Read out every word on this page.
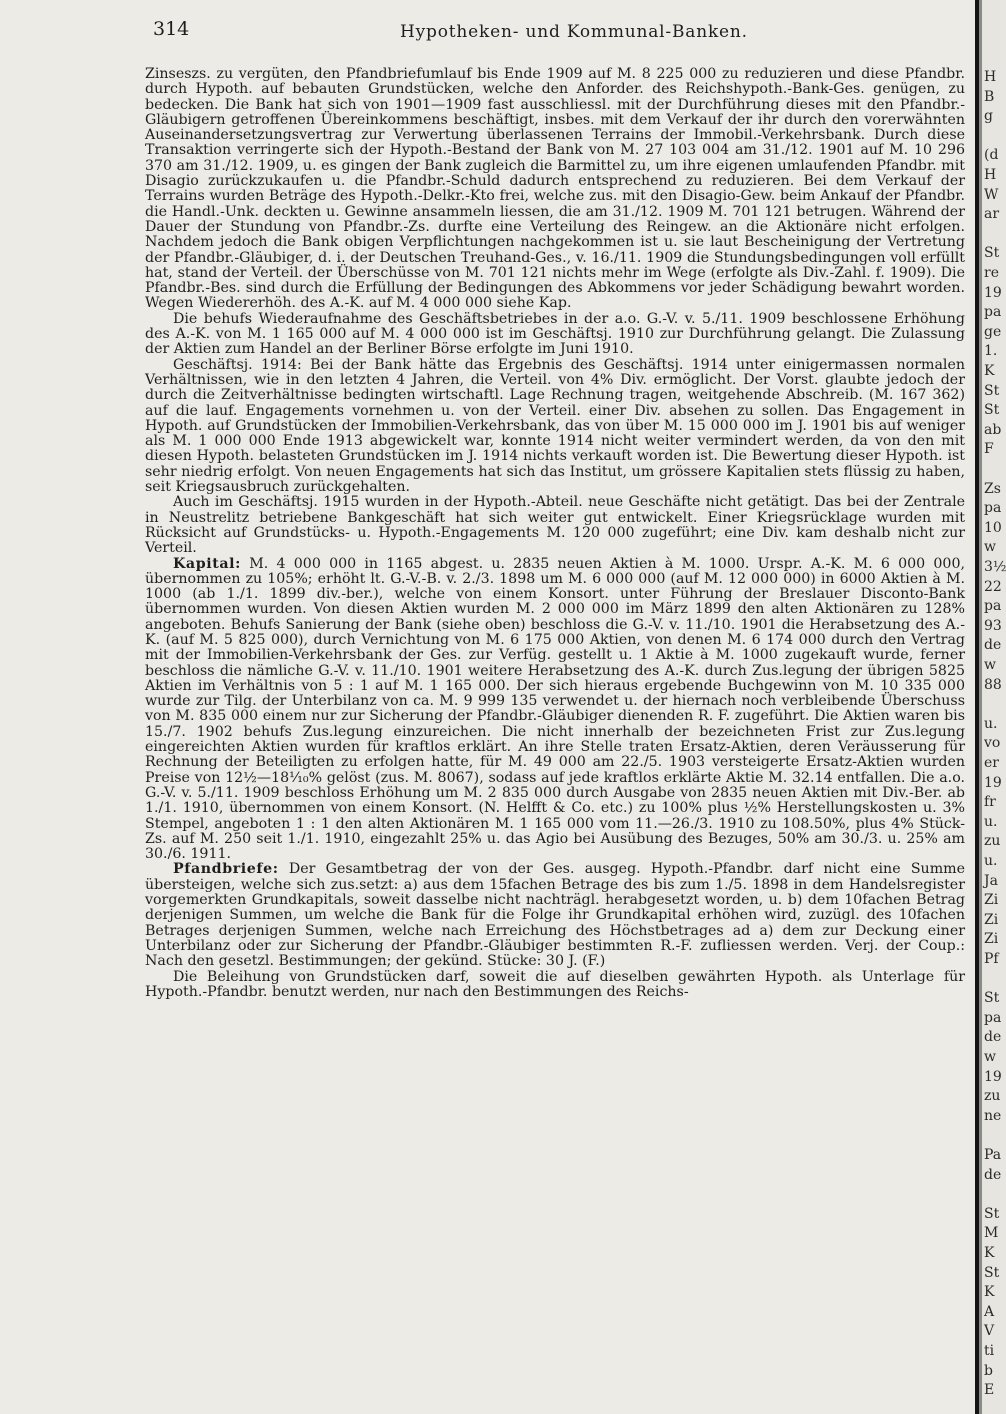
314	Hypotheken- und Kommunal-Banken.

Zinseszs. zu vergüten, den Pfandbriefumlauf bis Ende 1909 auf M. 8 225 000 zu reduzieren und diese Pfandbr. durch Hypoth. auf bebauten Grundstücken, welche den Anforder. des Reichshypoth.-Bank-Ges. genügen, zu bedecken. Die Bank hat sich von 1901—1909 fast ausschliessl. mit der Durchführung dieses mit den Pfandbr.-Gläubigern getroffenen Übereinkommens beschäftigt, insbes. mit dem Verkauf der ihr durch den vorerwähnten Auseinandersetzungsvertrag zur Verwertung überlassenen Terrains der Immobil.-Verkehrsbank. Durch diese Transaktion verringerte sich der Hypoth.-Bestand der Bank von M. 27 103 004 am 31./12. 1901 auf M. 10 296 370 am 31./12. 1909, u. es gingen der Bank zugleich die Barmittel zu, um ihre eigenen umlaufenden Pfandbr. mit Disagio zurückzukaufen u. die Pfandbr.-Schuld dadurch entsprechend zu reduzieren. Bei dem Verkauf der Terrains wurden Beträge des Hypoth.-Delkr.-Kto frei, welche zus. mit den Disagio-Gew. beim Ankauf der Pfandbr. die Handl.-Unk. deckten u. Gewinne ansammeln liessen, die am 31./12. 1909 M. 701 121 betrugen. Während der Dauer der Stundung von Pfandbr.-Zs. durfte eine Verteilung des Reingew. an die Aktionäre nicht erfolgen. Nachdem jedoch die Bank obigen Verpflichtungen nachgekommen ist u. sie laut Bescheinigung der Vertretung der Pfandbr.-Gläubiger, d. i. der Deutschen Treuhand-Ges., v. 16./11. 1909 die Stundungsbedingungen voll erfüllt hat, stand der Verteil. der Überschüsse von M. 701 121 nichts mehr im Wege (erfolgte als Div.-Zahl. f. 1909). Die Pfandbr.-Bes. sind durch die Erfüllung der Bedingungen des Abkommens vor jeder Schädigung bewahrt worden. Wegen Wiedererhöh. des A.-K. auf M. 4 000 000 siehe Kap.

Die behufs Wiederaufnahme des Geschäftsbetriebes in der a.o. G.-V. v. 5./11. 1909 beschlossene Erhöhung des A.-K. von M. 1 165 000 auf M. 4 000 000 ist im Geschäftsj. 1910 zur Durchführung gelangt. Die Zulassung der Aktien zum Handel an der Berliner Börse erfolgte im Juni 1910.

Geschäftsj. 1914: Bei der Bank hätte das Ergebnis des Geschäftsj. 1914 unter einigermassen normalen Verhältnissen, wie in den letzten 4 Jahren, die Verteil. von 4% Div. ermöglicht. Der Vorst. glaubte jedoch der durch die Zeitverhältnisse bedingten wirtschaftl. Lage Rechnung tragen, weitgehende Abschreib. (M. 167 362) auf die lauf. Engagements vornehmen u. von der Verteil. einer Div. absehen zu sollen. Das Engagement in Hypoth. auf Grundstücken der Immobilien-Verkehrsbank, das von über M. 15 000 000 im J. 1901 bis auf weniger als M. 1 000 000 Ende 1913 abgewickelt war, konnte 1914 nicht weiter vermindert werden, da von den mit diesen Hypoth. belasteten Grundstücken im J. 1914 nichts verkauft worden ist. Die Bewertung dieser Hypoth. ist sehr niedrig erfolgt. Von neuen Engagements hat sich das Institut, um grössere Kapitalien stets flüssig zu haben, seit Kriegsausbruch zurückgehalten.

Auch im Geschäftsj. 1915 wurden in der Hypoth.-Abteil. neue Geschäfte nicht getätigt. Das bei der Zentrale in Neustrelitz betriebene Bankgeschäft hat sich weiter gut entwickelt. Einer Kriegsrücklage wurden mit Rücksicht auf Grundstücks- u. Hypoth.-Engagements M. 120 000 zugeführt; eine Div. kam deshalb nicht zur Verteil.

Kapital: M. 4 000 000 in 1165 abgest. u. 2835 neuen Aktien à M. 1000. Urspr. A.-K. M. 6 000 000, übernommen zu 105%; erhöht lt. G.-V.-B. v. 2./3. 1898 um M. 6 000 000 (auf M. 12 000 000) in 6000 Aktien à M. 1000 (ab 1./1. 1899 div.-ber.), welche von einem Konsort. unter Führung der Breslauer Disconto-Bank übernommen wurden. Von diesen Aktien wurden M. 2 000 000 im März 1899 den alten Aktionären zu 128% angeboten. Behufs Sanierung der Bank (siehe oben) beschloss die G.-V. v. 11./10. 1901 die Herabsetzung des A.-K. (auf M. 5 825 000), durch Vernichtung von M. 6 175 000 Aktien, von denen M. 6 174 000 durch den Vertrag mit der Immobilien-Verkehrsbank der Ges. zur Verfüg. gestellt u. 1 Aktie à M. 1000 zugekauft wurde, ferner beschloss die nämliche G.-V. v. 11./10. 1901 weitere Herabsetzung des A.-K. durch Zus.legung der übrigen 5825 Aktien im Verhältnis von 5 : 1 auf M. 1 165 000. Der sich hieraus ergebende Buchgewinn von M. 10 335 000 wurde zur Tilg. der Unterbilanz von ca. M. 9 999 135 verwendet u. der hiernach noch verbleibende Überschuss von M. 835 000 einem nur zur Sicherung der Pfandbr.-Gläubiger dienenden R. F. zugeführt. Die Aktien waren bis 15./7. 1902 behufs Zus.legung einzureichen. Die nicht innerhalb der bezeichneten Frist zur Zus.legung eingereichten Aktien wurden für kraftlos erklärt. An ihre Stelle traten Ersatz-Aktien, deren Veräusserung für Rechnung der Beteiligten zu erfolgen hatte, für M. 49 000 am 22./5. 1903 versteigerte Ersatz-Aktien wurden Preise von 12½—18⅟₁₀% gelöst (zus. M. 8067), sodass auf jede kraftlos erklärte Aktie M. 32.14 entfallen. Die a.o. G.-V. v. 5./11. 1909 beschloss Erhöhung um M. 2 835 000 durch Ausgabe von 2835 neuen Aktien mit Div.-Ber. ab 1./1. 1910, übernommen von einem Konsort. (N. Helfft & Co. etc.) zu 100% plus ½% Herstellungskosten u. 3% Stempel, angeboten 1 : 1 den alten Aktionären M. 1 165 000 vom 11.—26./3. 1910 zu 108.50%, plus 4% Stück-Zs. auf M. 250 seit 1./1. 1910, eingezahlt 25% u. das Agio bei Ausübung des Bezuges, 50% am 30./3. u. 25% am 30./6. 1911.

Pfandbriefe: Der Gesamtbetrag der von der Ges. ausgeg. Hypoth.-Pfandbr. darf nicht eine Summe übersteigen, welche sich zus.setzt: a) aus dem 15fachen Betrage des bis zum 1./5. 1898 in dem Handelsregister vorgemerkten Grundkapitals, soweit dasselbe nicht nachträgl. herabgesetzt worden, u. b) dem 10fachen Betrag derjenigen Summen, um welche die Bank für die Folge ihr Grundkapital erhöhen wird, zuzügl. des 10fachen Betrages derjenigen Summen, welche nach Erreichung des Höchstbetrages ad a) dem zur Deckung einer Unterbilanz oder zur Sicherung der Pfandbr.-Gläubiger bestimmten R.-F. zufliessen werden. Verj. der Coup.: Nach den gesetzl. Bestimmungen; der gekünd. Stücke: 30 J. (F.)

Die Beleihung von Grundstücken darf, soweit die auf dieselben gewährten Hypoth. als Unterlage für Hypoth.-Pfandbr. benutzt werden, nur nach den Bestimmungen des Reichs-

H
B
g
(d
H
W
ar
St
re
19
pa
ge
1.
K
St
St
ab
F
Zs
pa
10
w
3½
22
pa
93
de
w
88
u.
vo
er
19
fr
u.
zu
u.
Ja
Zi
Zi
Zi
Pf
St
pa
de
w
19
zu
ne
Pa
de
St
M
K
St
K
A
V
ti
b
E
